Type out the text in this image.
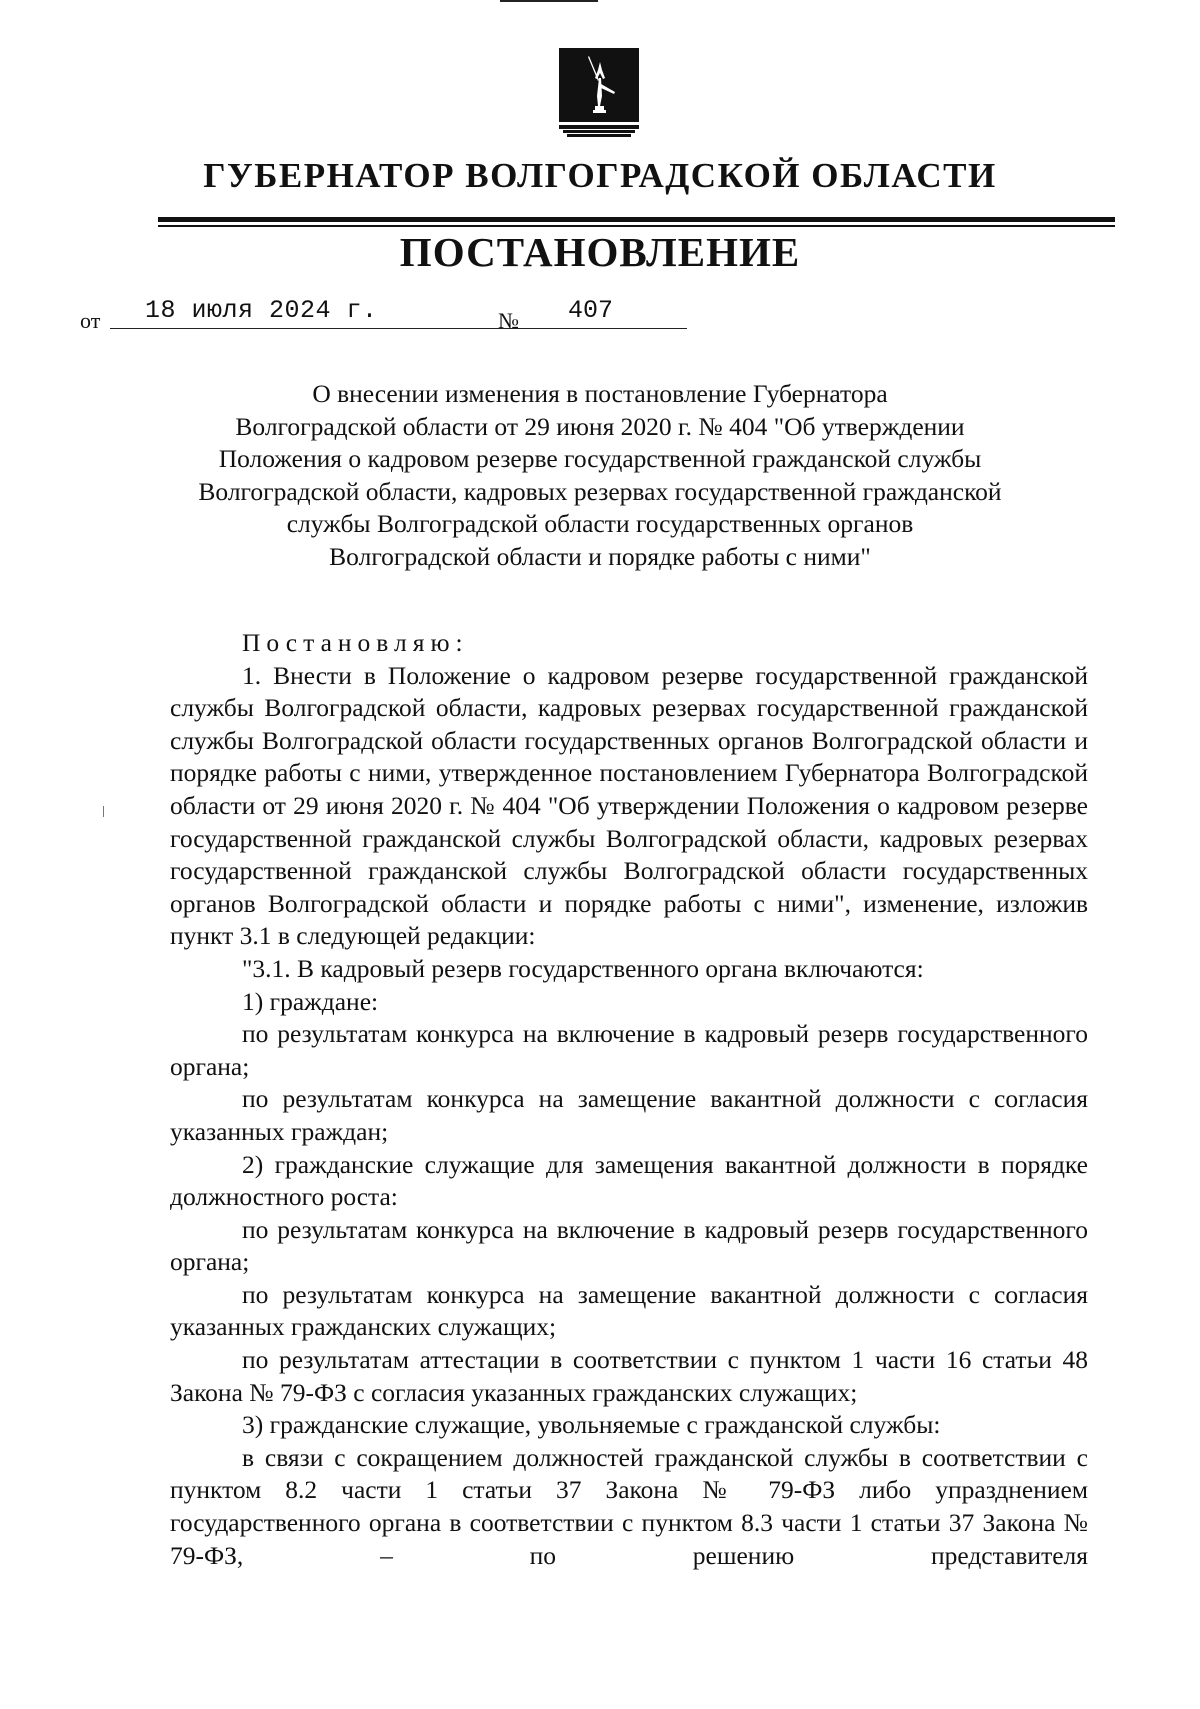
ГУБЕРНАТОР ВОЛГОГРАДСКОЙ ОБЛАСТИ
ПОСТАНОВЛЕНИЕ
от 18 июля 2024 г.	№ 407
О внесении изменения в постановление Губернатора
Волгоградской области от 29 июня 2020 г. № 404 "Об утверждении
Положения о кадровом резерве государственной гражданской службы
Волгоградской области, кадровых резервах государственной гражданской
службы Волгоградской области государственных органов
Волгоградской области и порядке работы с ними"

Постановляю:

1. Внести в Положение о кадровом резерве государственной гражданской службы Волгоградской области, кадровых резервах государственной гражданской службы Волгоградской области государственных органов Волгоградской области и порядке работы с ними, утвержденное постановлением Губернатора Волгоградской области от 29 июня 2020 г. № 404 "Об утверждении Положения о кадровом резерве государственной гражданской службы Волгоградской области, кадровых резервах государственной гражданской службы Волгоградской области государственных органов Волгоградской области и порядке работы с ними", изменение, изложив пункт 3.1 в следующей редакции:

"3.1. В кадровый резерв государственного органа включаются:

1) граждане:

по результатам конкурса на включение в кадровый резерв государственного органа;

по результатам конкурса на замещение вакантной должности с согласия указанных граждан;

2) гражданские служащие для замещения вакантной должности в порядке должностного роста:

по результатам конкурса на включение в кадровый резерв государственного органа;

по результатам конкурса на замещение вакантной должности с согласия указанных гражданских служащих;

по результатам аттестации в соответствии с пунктом 1 части 16 статьи 48 Закона № 79-ФЗ с согласия указанных гражданских служащих;

3) гражданские служащие, увольняемые с гражданской службы:

в связи с сокращением должностей гражданской службы в соответствии с пунктом 8.2 части 1 статьи 37 Закона № 79-ФЗ либо упразднением государственного органа в соответствии с пунктом 8.3 части 1 статьи 37 Закона № 79-ФЗ, – по решению представителя
